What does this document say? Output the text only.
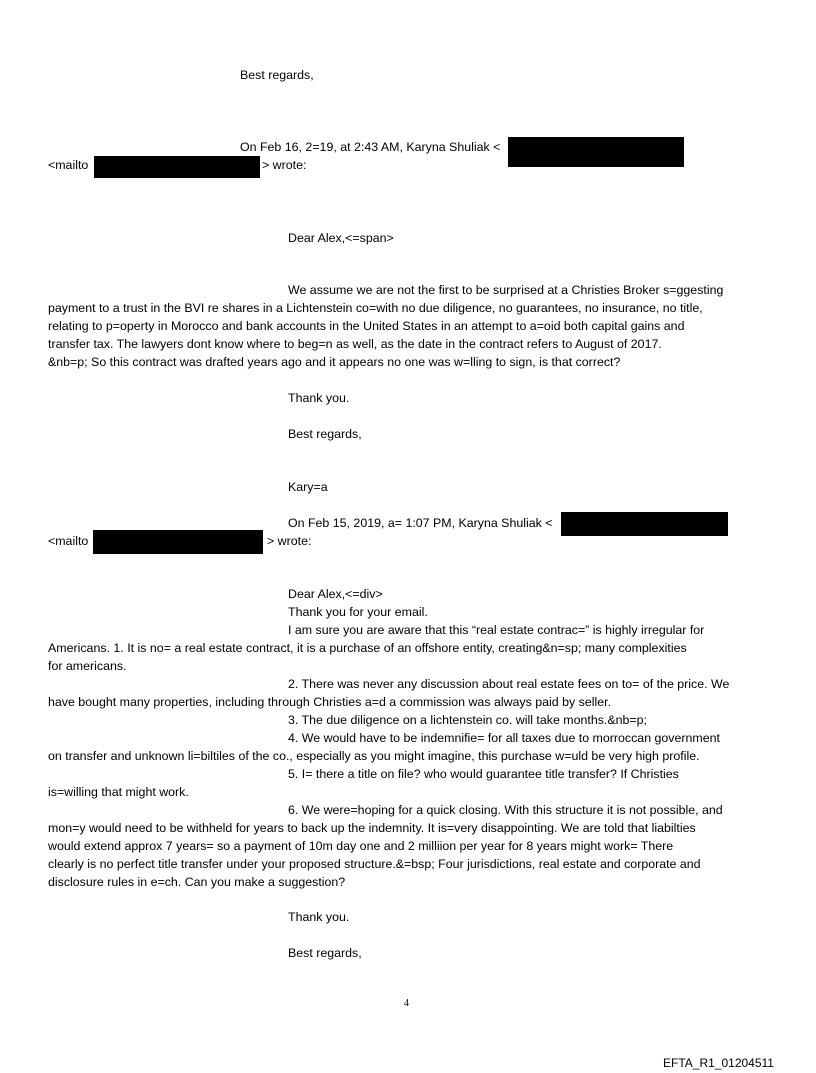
Best regards,
On Feb 16, 2=19, at 2:43 AM, Karyna Shuliak <
<mailto	> wrote:
Dear Alex,<=span>
We assume we are not the first to be surprised at a Christies Broker s=ggesting
payment to a trust in the BVI re shares in a Lichtenstein co=with no due diligence, no guarantees, no insurance, no title,
relating to p=operty in Morocco and bank accounts in the United States in an attempt to a=oid both capital gains and
transfer tax. The lawyers dont know where to beg=n as well, as the date in the contract refers to August of 2017.
&nb=p; So this contract was drafted years ago and it appears no one was w=lling to sign, is that correct?
Thank you.
Best regards,
Kary=a
On Feb 15, 2019, a= 1:07 PM, Karyna Shuliak <
<mailto	> wrote:
Dear Alex,<=div>
Thank you for your email.
I am sure you are aware that this “real estate contrac=” is highly irregular for
Americans. 1. It is no= a real estate contract, it is a purchase of an offshore entity, creating&n=sp; many complexities
for americans.
2. There was never any discussion about real estate fees on to= of the price. We
have bought many properties, including through Christies a=d a commission was always paid by seller.
3. The due diligence on a lichtenstein co. will take months.&nb=p;
4. We would have to be indemnifie= for all taxes due to morroccan government
on transfer and unknown li=biltiles of the co., especially as you might imagine, this purchase w=uld be very high profile.
5. I= there a title on file? who would guarantee title transfer? If Christies
is=willing that might work.
6. We were=hoping for a quick closing. With this structure it is not possible, and
mon=y would need to be withheld for years to back up the indemnity. It is=very disappointing. We are told that liabilties
would extend approx 7 years= so a payment of 10m day one and 2 milliion per year for 8 years might work= There
clearly is no perfect title transfer under your proposed structure.&=bsp; Four jurisdictions, real estate and corporate and
disclosure rules in e=ch. Can you make a suggestion?
Thank you.
Best regards,
4
EFTA_R1_01204511
